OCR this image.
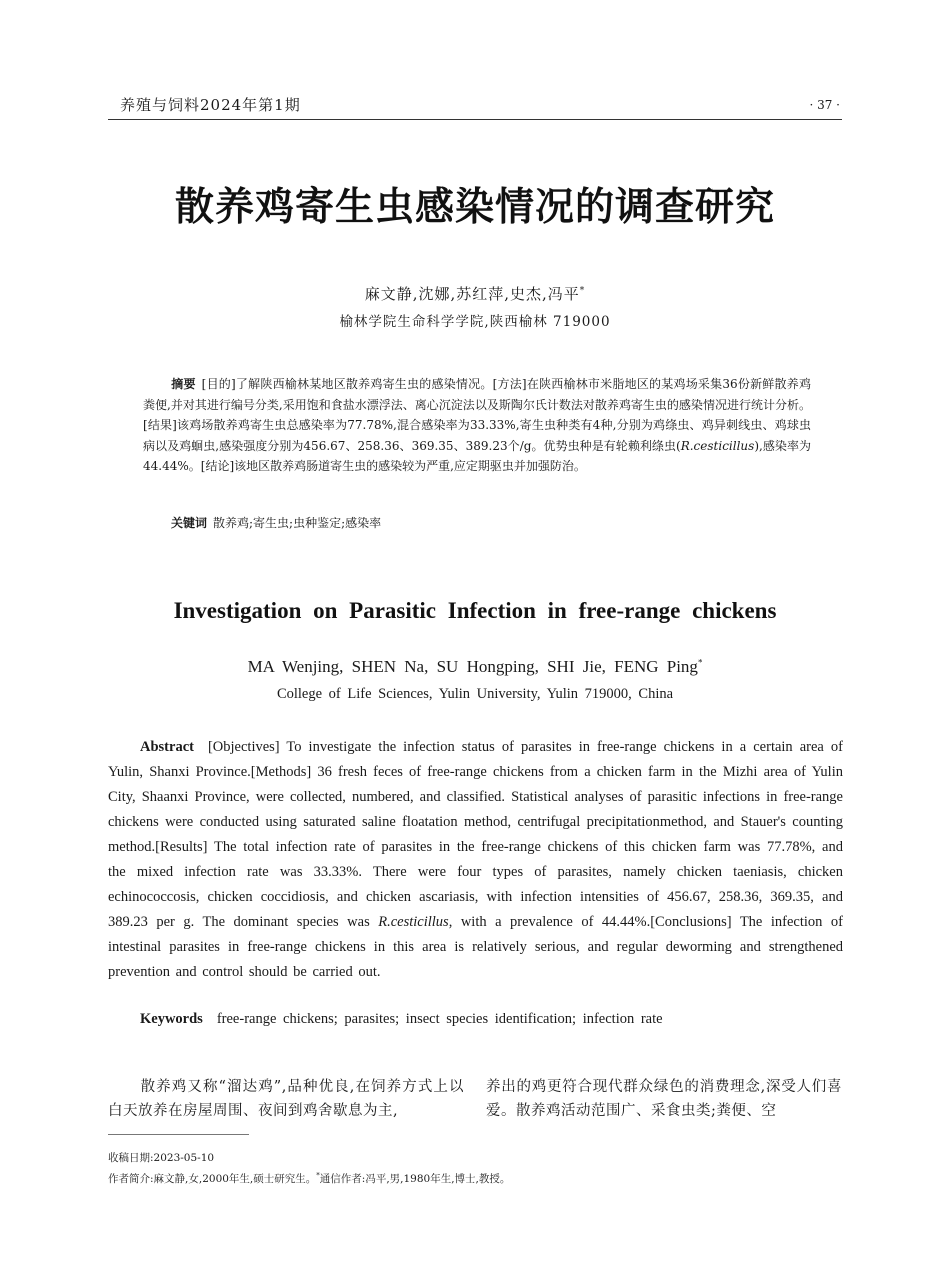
养殖与饲料2024年第1期	· 37 ·
散养鸡寄生虫感染情况的调查研究
麻文静,沈娜,苏红萍,史杰,冯平*
榆林学院生命科学学院,陕西榆林 719000
摘要 [目的]了解陕西榆林某地区散养鸡寄生虫的感染情况。[方法]在陕西榆林市米脂地区的某鸡场采集36份新鲜散养鸡粪便,并对其进行编号分类,采用饱和食盐水漂浮法、离心沉淀法以及斯陶尔氏计数法对散养鸡寄生虫的感染情况进行统计分析。[结果]该鸡场散养鸡寄生虫总感染率为77.78%,混合感染率为33.33%,寄生虫种类有4种,分别为鸡绦虫、鸡异刺线虫、鸡球虫病以及鸡蛔虫,感染强度分别为456.67、258.36、369.35、389.23个/g。优势虫种是有轮赖利绦虫(R.cesticillus),感染率为44.44%。[结论]该地区散养鸡肠道寄生虫的感染较为严重,应定期驱虫并加强防治。
关键词 散养鸡;寄生虫;虫种鉴定;感染率
Investigation on Parasitic Infection in free-range chickens
MA Wenjing, SHEN Na, SU Hongping, SHI Jie, FENG Ping*
College of Life Sciences, Yulin University, Yulin 719000, China
Abstract [Objectives] To investigate the infection status of parasites in free-range chickens in a certain area of Yulin, Shanxi Province.[Methods] 36 fresh feces of free-range chickens from a chicken farm in the Mizhi area of Yulin City, Shaanxi Province, were collected, numbered, and classified. Statistical analyses of parasitic infections in free-range chickens were conducted using saturated saline floatation method, centrifugal precipitationmethod, and Stauer's counting method.[Results] The total infection rate of parasites in the free-range chickens of this chicken farm was 77.78%, and the mixed infection rate was 33.33%. There were four types of parasites, namely chicken taeniasis, chicken echinococcosis, chicken coccidiosis, and chicken ascariasis, with infection intensities of 456.67, 258.36, 369.35, and 389.23 per g. The dominant species was R.cesticillus, with a prevalence of 44.44%.[Conclusions] The infection of intestinal parasites in free-range chickens in this area is relatively serious, and regular deworming and strengthened prevention and control should be carried out.
Keywords free-range chickens; parasites; insect species identification; infection rate
散养鸡又称“溜达鸡”,品种优良,在饲养方式上以白天放养在房屋周围、夜间到鸡舍歇息为主,
养出的鸡更符合现代群众绿色的消费理念,深受人们喜爱。散养鸡活动范围广、采食虫类;粪便、空
收稿日期:2023-05-10
作者简介:麻文静,女,2000年生,硕士研究生。*通信作者:冯平,男,1980年生,博士,教授。
